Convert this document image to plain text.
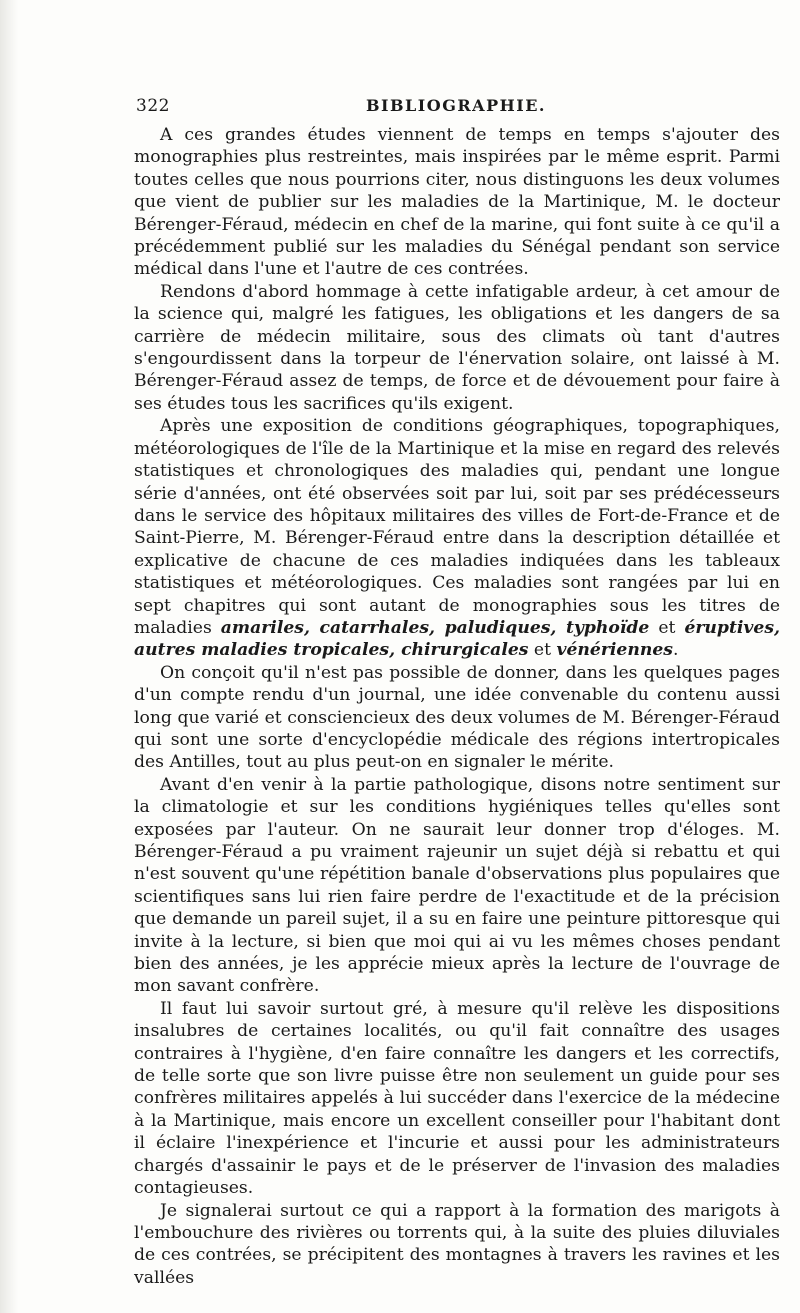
322	BIBLIOGRAPHIE.

A ces grandes études viennent de temps en temps s'ajouter des monographies plus restreintes, mais inspirées par le même esprit. Parmi toutes celles que nous pourrions citer, nous distinguons les deux volumes que vient de publier sur les maladies de la Martinique, M. le docteur Bérenger-Féraud, médecin en chef de la marine, qui font suite à ce qu'il a précédemment publié sur les maladies du Sénégal pendant son service médical dans l'une et l'autre de ces contrées.

Rendons d'abord hommage à cette infatigable ardeur, à cet amour de la science qui, malgré les fatigues, les obligations et les dangers de sa carrière de médecin militaire, sous des climats où tant d'autres s'engourdissent dans la torpeur de l'énervation solaire, ont laissé à M. Bérenger-Féraud assez de temps, de force et de dévouement pour faire à ses études tous les sacrifices qu'ils exigent.

Après une exposition de conditions géographiques, topographiques, météorologiques de l'île de la Martinique et la mise en regard des relevés statistiques et chronologiques des maladies qui, pendant une longue série d'années, ont été observées soit par lui, soit par ses prédécesseurs dans le service des hôpitaux militaires des villes de Fort-de-France et de Saint-Pierre, M. Bérenger-Féraud entre dans la description détaillée et explicative de chacune de ces maladies indiquées dans les tableaux statistiques et météorologiques. Ces maladies sont rangées par lui en sept chapitres qui sont autant de monographies sous les titres de maladies amariles, catarrhales, paludiques, typhoïde et éruptives, autres maladies tropicales, chirurgicales et vénériennes.

On conçoit qu'il n'est pas possible de donner, dans les quelques pages d'un compte rendu d'un journal, une idée convenable du contenu aussi long que varié et consciencieux des deux volumes de M. Bérenger-Féraud qui sont une sorte d'encyclopédie médicale des régions intertropicales des Antilles, tout au plus peut-on en signaler le mérite.

Avant d'en venir à la partie pathologique, disons notre sentiment sur la climatologie et sur les conditions hygiéniques telles qu'elles sont exposées par l'auteur. On ne saurait leur donner trop d'éloges. M. Bérenger-Féraud a pu vraiment rajeunir un sujet déjà si rebattu et qui n'est souvent qu'une répétition banale d'observations plus populaires que scientifiques sans lui rien faire perdre de l'exactitude et de la précision que demande un pareil sujet, il a su en faire une peinture pittoresque qui invite à la lecture, si bien que moi qui ai vu les mêmes choses pendant bien des années, je les apprécie mieux après la lecture de l'ouvrage de mon savant confrère.

Il faut lui savoir surtout gré, à mesure qu'il relève les dispositions insalubres de certaines localités, ou qu'il fait connaître des usages contraires à l'hygiène, d'en faire connaître les dangers et les correctifs, de telle sorte que son livre puisse être non seulement un guide pour ses confrères militaires appelés à lui succéder dans l'exercice de la médecine à la Martinique, mais encore un excellent conseiller pour l'habitant dont il éclaire l'inexpérience et l'incurie et aussi pour les administrateurs chargés d'assainir le pays et de le préserver de l'invasion des maladies contagieuses.

Je signalerai surtout ce qui a rapport à la formation des marigots à l'embouchure des rivières ou torrents qui, à la suite des pluies diluviales de ces contrées, se précipitent des montagnes à travers les ravines et les vallées
